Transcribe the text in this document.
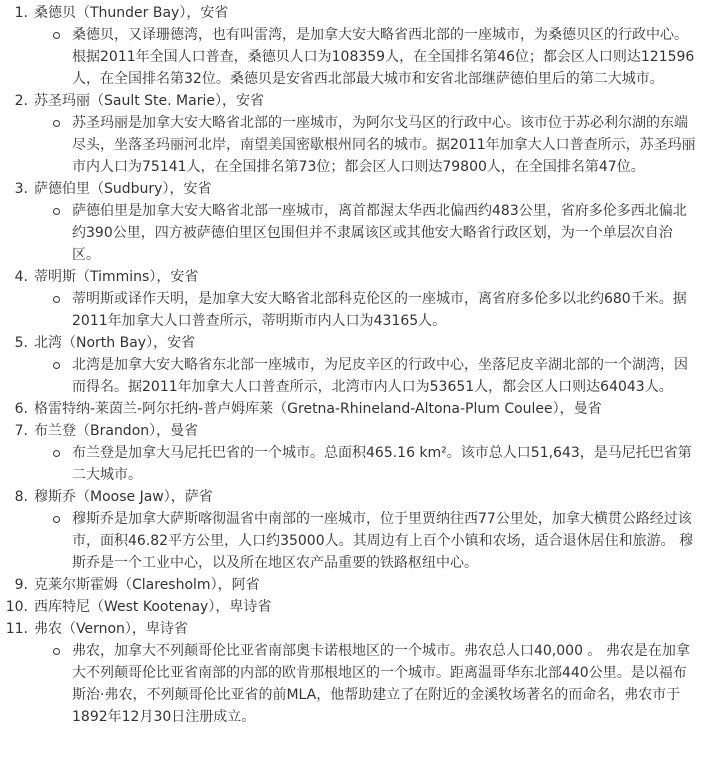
桑德贝（Thunder Bay），安省
桑德贝，又译珊德湾，也有叫雷湾，是加拿大安大略省西北部的一座城市，为桑德贝区的行政中心。根据2011年全国人口普查，桑德贝人口为108359人，在全国排名第46位；都会区人口则达121596人，在全国排名第32位。桑德贝是安省西北部最大城市和安省北部继萨德伯里后的第二大城市。
苏圣玛丽（Sault Ste. Marie），安省
苏圣玛丽是加拿大安大略省北部的一座城市，为阿尔戈马区的行政中心。该市位于苏必利尔湖的东端尽头，坐落圣玛丽河北岸，南望美国密歇根州同名的城市。据2011年加拿大人口普查所示，苏圣玛丽市内人口为75141人，在全国排名第73位；都会区人口则达79800人，在全国排名第47位。
萨德伯里（Sudbury），安省
萨德伯里是加拿大安大略省北部一座城市，离首都渥太华西北偏西约483公里，省府多伦多西北偏北约390公里，四方被萨德伯里区包围但并不隶属该区或其他安大略省行政区划，为一个单层次自治区。
蒂明斯（Timmins），安省
蒂明斯或译作天明，是加拿大安大略省北部科克伦区的一座城市，离省府多伦多以北约680千米。据2011年加拿大人口普查所示，蒂明斯市内人口为43165人。
北湾（North Bay），安省
北湾是加拿大安大略省东北部一座城市，为尼皮辛区的行政中心，坐落尼皮辛湖北部的一个湖湾，因而得名。据2011年加拿大人口普查所示，北湾市内人口为53651人，都会区人口则达64043人。
格雷特纳-莱茵兰-阿尔托纳-普卢姆库莱（Gretna-Rhineland-Altona-Plum Coulee），曼省
布兰登（Brandon），曼省
布兰登是加拿大马尼托巴省的一个城市。总面积465.16 km²。该市总人口51,643，是马尼托巴省第二大城市。
穆斯乔（Moose Jaw），萨省
穆斯乔是加拿大萨斯喀彻温省中南部的一座城市，位于里贾纳往西77公里处，加拿大横贯公路经过该市，面积46.82平方公里，人口约35000人。其周边有上百个小镇和农场，适合退休居住和旅游。 穆斯乔是一个工业中心，以及所在地区农产品重要的铁路枢纽中心。
克莱尔斯霍姆（Claresholm），阿省
西库特尼（West Kootenay），卑诗省
弗农（Vernon），卑诗省
弗农，加拿大不列颠哥伦比亚省南部奥卡诺根地区的一个城市。弗农总人口40,000 。 弗农是在加拿大不列颠哥伦比亚省南部的内部的欧肯那根地区的一个城市。距离温哥华东北部440公里。是以福布斯治·弗农，不列颠哥伦比亚省的前MLA，他帮助建立了在附近的金溪牧场著名的而命名，弗农市于1892年12月30日注册成立。
